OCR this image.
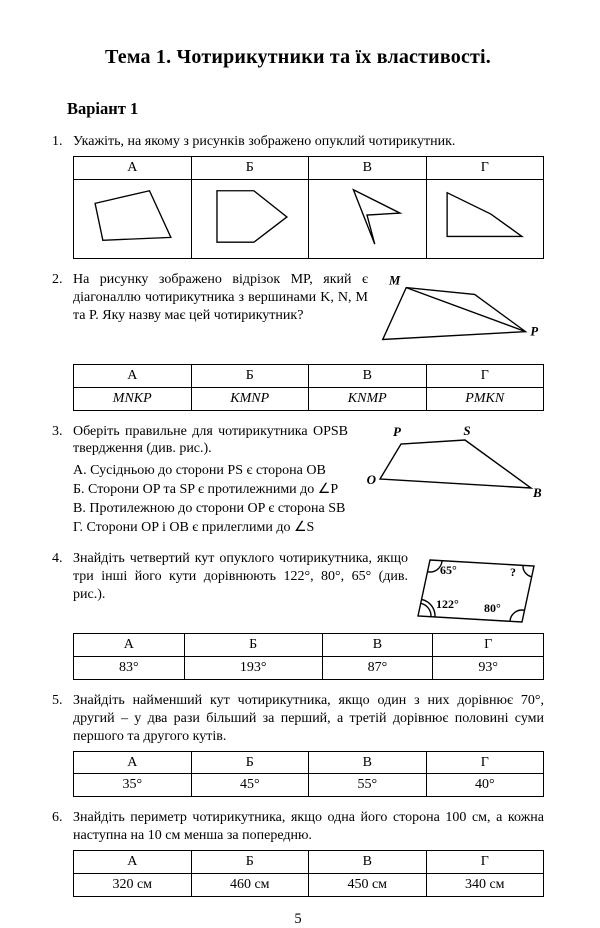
Тема 1. Чотирикутники та їх властивості.
Варіант 1
1. Укажіть, на якому з рисунків зображено опуклий чотирикутник.

А	Б	В	Г

2. На рисунку зображено відрізок MP, який є діагоналлю чотирикутника з вершинами K, N, M та P. Яку назву має цей чотирикутник?

M
P
А	Б	В	Г
MNKP	KMNP	KNMP	PMKN
3. Оберіть правильне для чотирикутника OPSB твердження (див. рис.).

А. Сусідньою до сторони PS є сторона OB
Б. Сторони OP та SP є протилежними до ∠P
В. Протилежною до сторони OP є сторона SB
Г. Сторони OP і OB є прилеглими до ∠S
P	S
O
B
4. Знайдіть четвертий кут опуклого чотирикутника, якщо три інші його кути дорівнюють 122°, 80°, 65° (див. рис.).

65°	?
122° 80°
А	Б	В	Г
83°	193°	87°	93°
5. Знайдіть найменший кут чотирикутника, якщо один з них дорівнює 70°, другий – у два рази більший за перший, а третій дорівнює половині суми першого та другого кутів.

А	Б	В	Г
35°	45°	55°	40°
6. Знайдіть периметр чотирикутника, якщо одна його сторона 100 см, а кожна наступна на 10 см менша за попередню.

А	Б	В	Г
320 см	460 см	450 см	340 см
5
